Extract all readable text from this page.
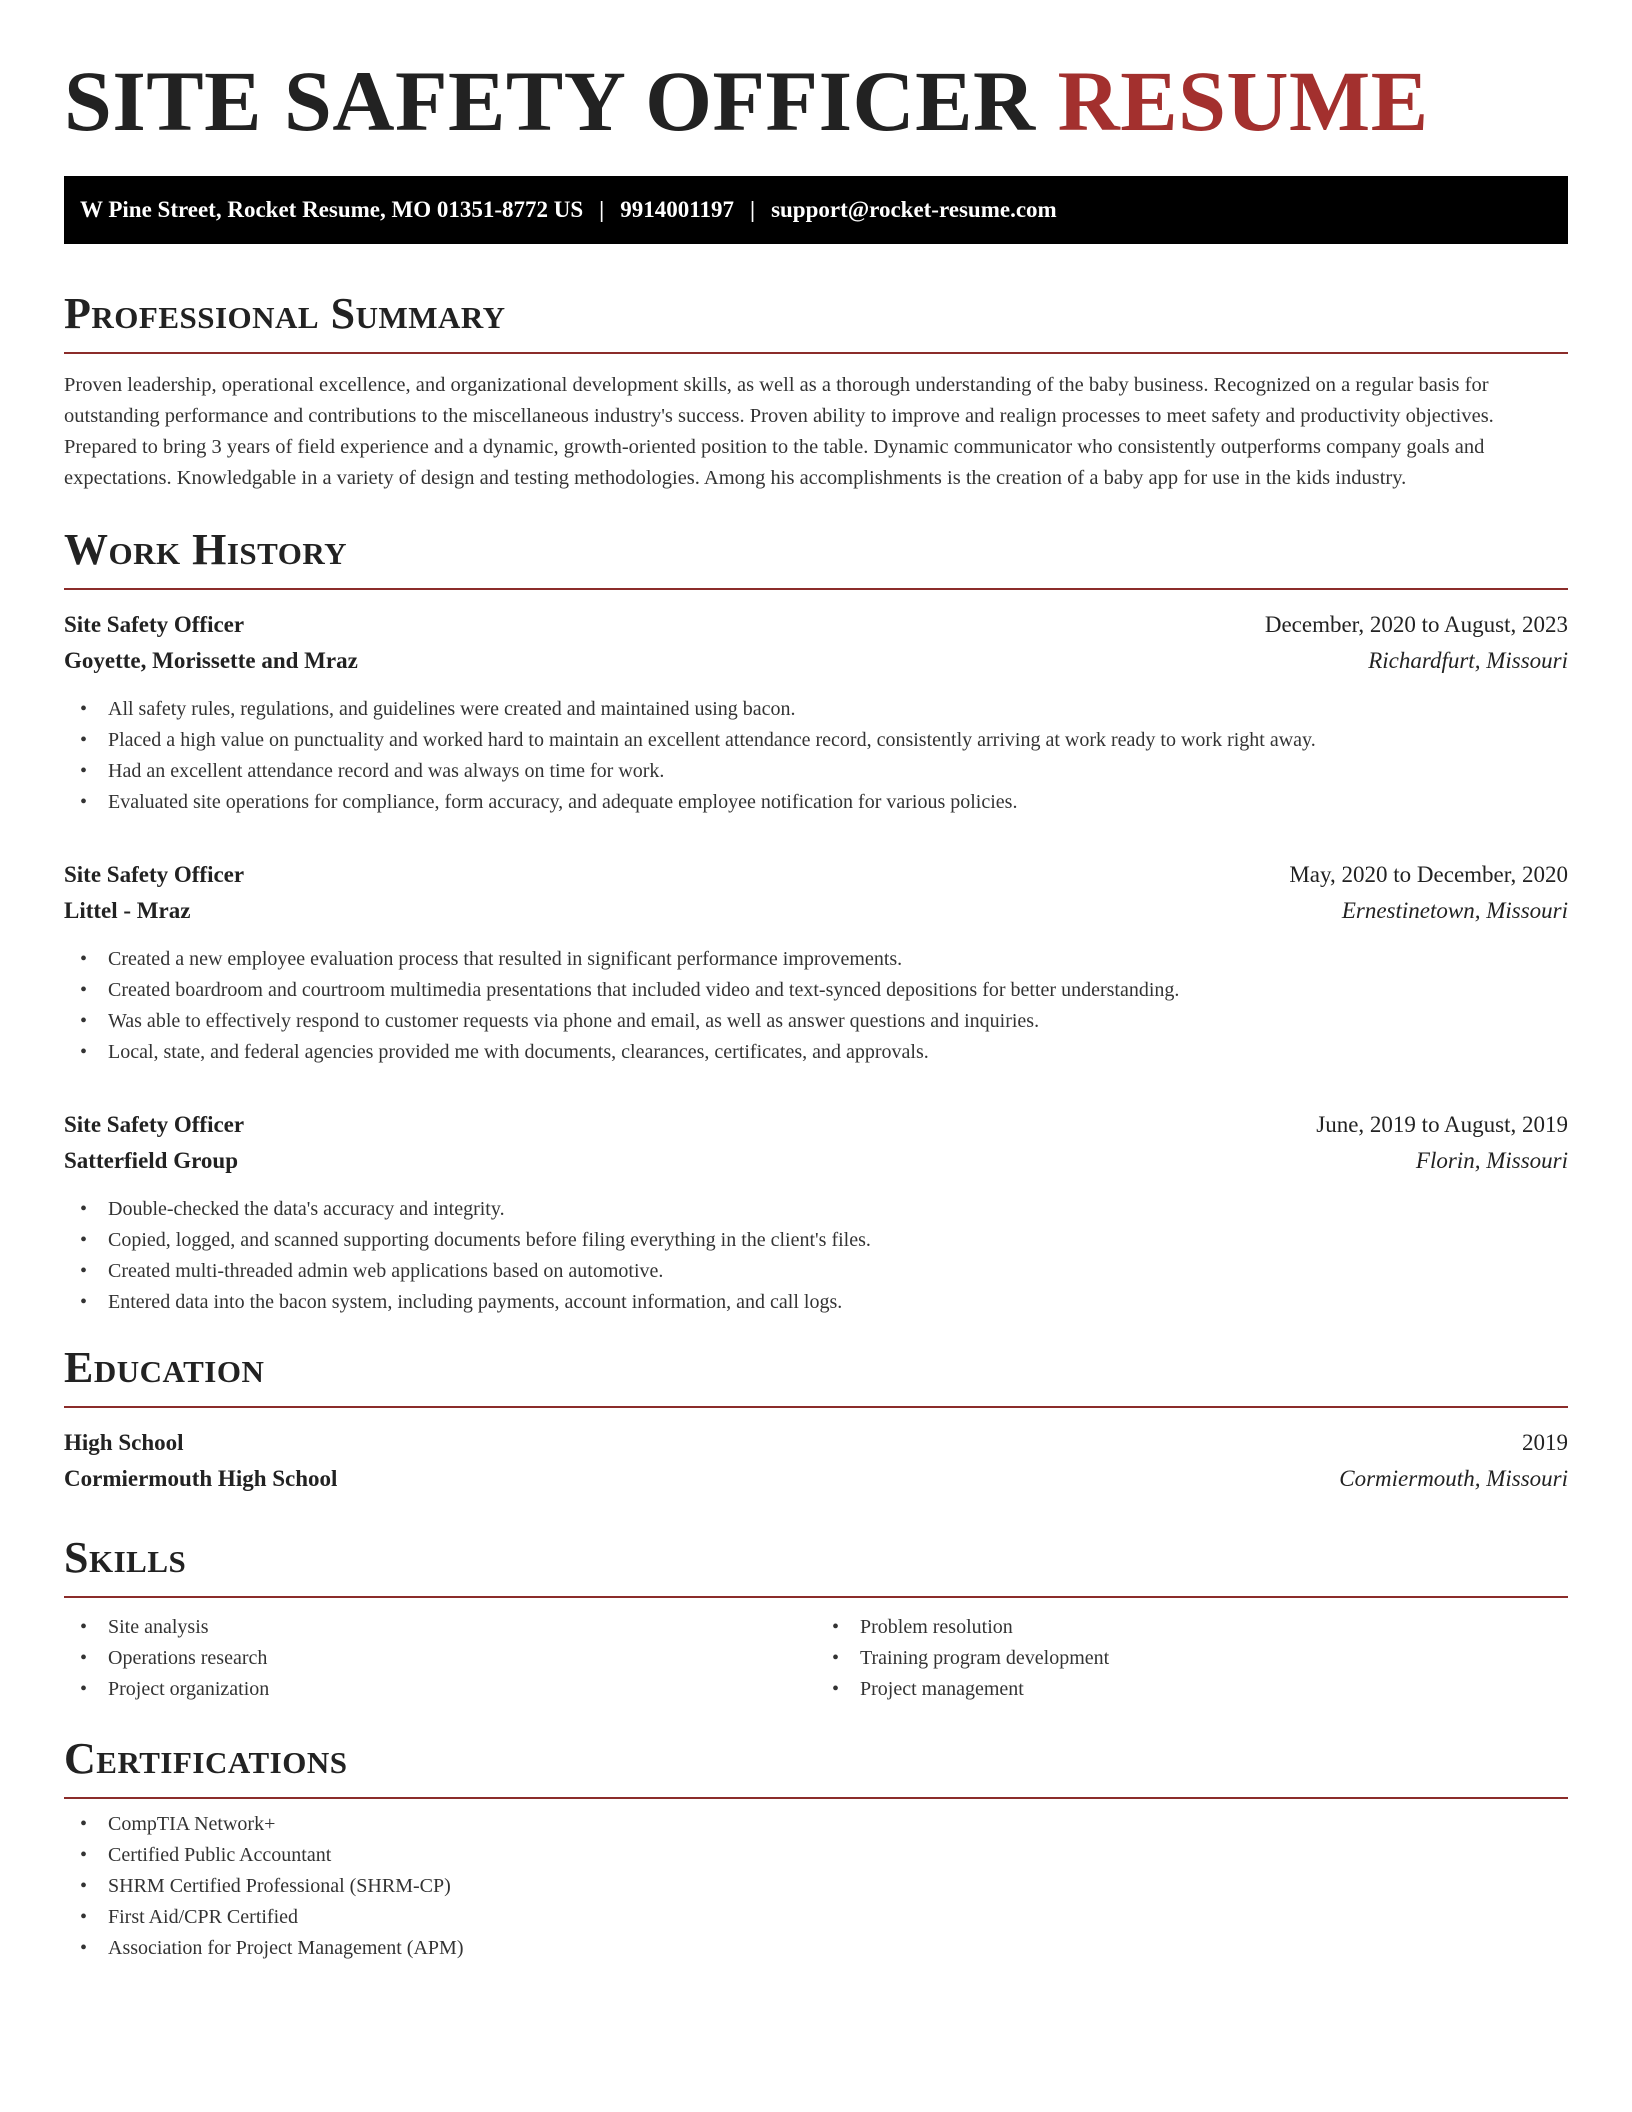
SITE SAFETY OFFICER RESUME
W Pine Street, Rocket Resume, MO 01351-8772 US | 9914001197 | support@rocket-resume.com
Professional Summary

Proven leadership, operational excellence, and organizational development skills, as well as a thorough understanding of the baby business. Recognized on a regular basis for outstanding performance and contributions to the miscellaneous industry's success. Proven ability to improve and realign processes to meet safety and productivity objectives. Prepared to bring 3 years of field experience and a dynamic, growth-oriented position to the table. Dynamic communicator who consistently outperforms company goals and expectations. Knowledgable in a variety of design and testing methodologies. Among his accomplishments is the creation of a baby app for use in the kids industry.

Work History
Site Safety Officer	December, 2020 to August, 2023
Goyette, Morissette and Mraz	Richardfurt, Missouri
• All safety rules, regulations, and guidelines were created and maintained using bacon.
• Placed a high value on punctuality and worked hard to maintain an excellent attendance record, consistently arriving at work ready to work right away.
• Had an excellent attendance record and was always on time for work.
• Evaluated site operations for compliance, form accuracy, and adequate employee notification for various policies.
Site Safety Officer	May, 2020 to December, 2020
Littel - Mraz	Ernestinetown, Missouri
• Created a new employee evaluation process that resulted in significant performance improvements.
• Created boardroom and courtroom multimedia presentations that included video and text-synced depositions for better understanding.
• Was able to effectively respond to customer requests via phone and email, as well as answer questions and inquiries.
• Local, state, and federal agencies provided me with documents, clearances, certificates, and approvals.
Site Safety Officer	June, 2019 to August, 2019
Satterfield Group	Florin, Missouri
• Double-checked the data's accuracy and integrity.
• Copied, logged, and scanned supporting documents before filing everything in the client's files.
• Created multi-threaded admin web applications based on automotive.
• Entered data into the bacon system, including payments, account information, and call logs.
Education
High School	2019
Cormiermouth High School	Cormiermouth, Missouri
Skills
• Site analysis
• Operations research
• Project organization
• Problem resolution
• Training program development
• Project management
Certifications
• CompTIA Network+
• Certified Public Accountant
• SHRM Certified Professional (SHRM-CP)
• First Aid/CPR Certified
• Association for Project Management (APM)
